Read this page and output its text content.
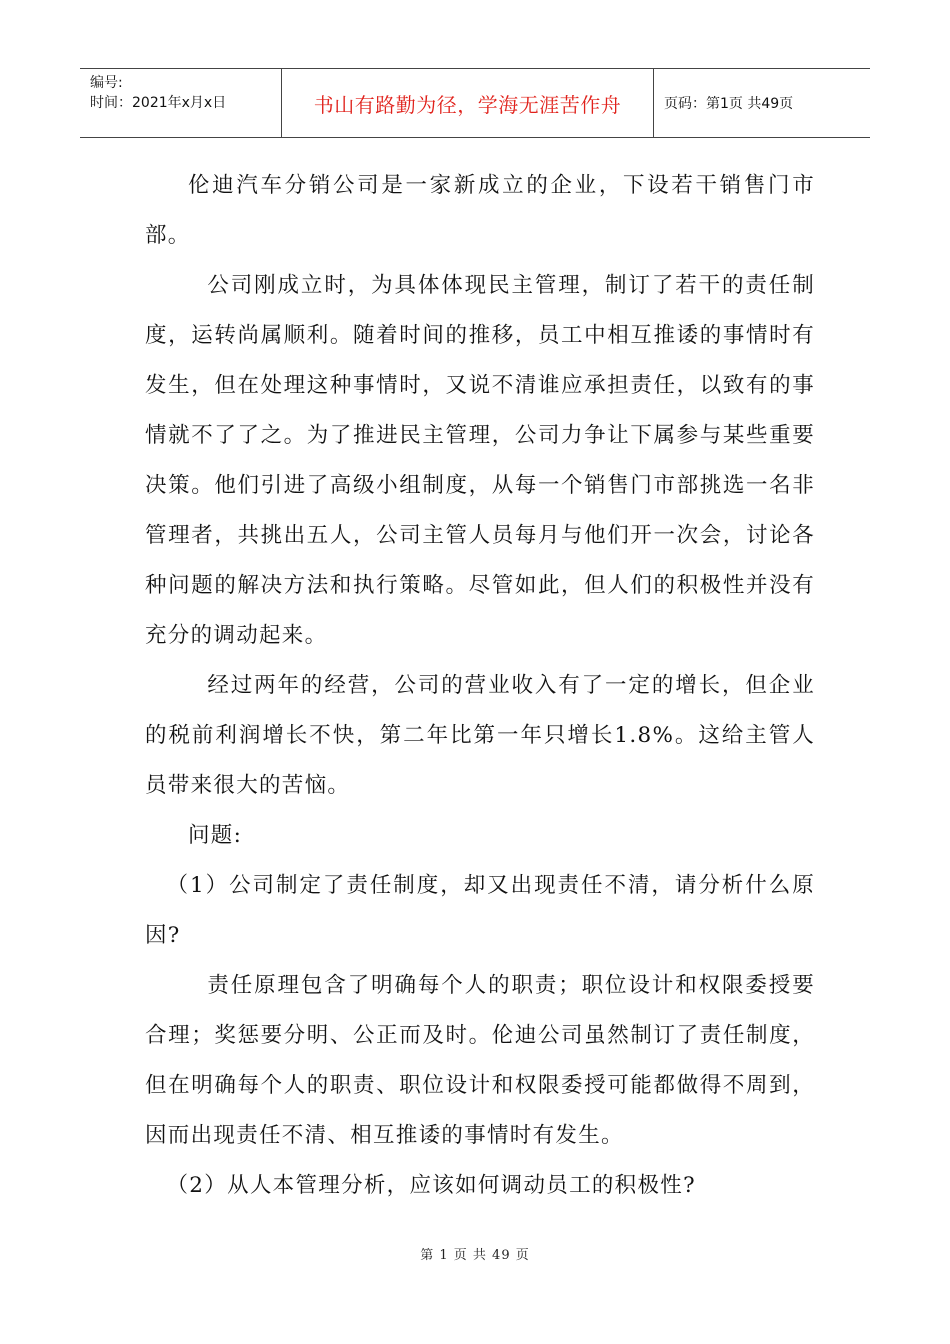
编号:
时间：2021年x月x日	书山有路勤为径，学海无涯苦作舟	页码：第1页 共49页

伦迪汽车分销公司是一家新成立的企业，下设若干销售门市部。

公司刚成立时，为具体体现民主管理，制订了若干的责任制度，运转尚属顺利。随着时间的推移，员工中相互推诿的事情时有发生，但在处理这种事情时，又说不清谁应承担责任，以致有的事情就不了了之。为了推进民主管理，公司力争让下属参与某些重要决策。他们引进了高级小组制度，从每一个销售门市部挑选一名非管理者，共挑出五人，公司主管人员每月与他们开一次会，讨论各种问题的解决方法和执行策略。尽管如此，但人们的积极性并没有充分的调动起来。

经过两年的经营，公司的营业收入有了一定的增长，但企业的税前利润增长不快，第二年比第一年只增长1.8%。这给主管人员带来很大的苦恼。

问题:

（1）公司制定了责任制度，却又出现责任不清，请分析什么原因?

责任原理包含了明确每个人的职责；职位设计和权限委授要合理；奖惩要分明、公正而及时。伦迪公司虽然制订了责任制度，但在明确每个人的职责、职位设计和权限委授可能都做得不周到，因而出现责任不清、相互推诿的事情时有发生。

（2）从人本管理分析，应该如何调动员工的积极性?

第 1 页 共 49 页
